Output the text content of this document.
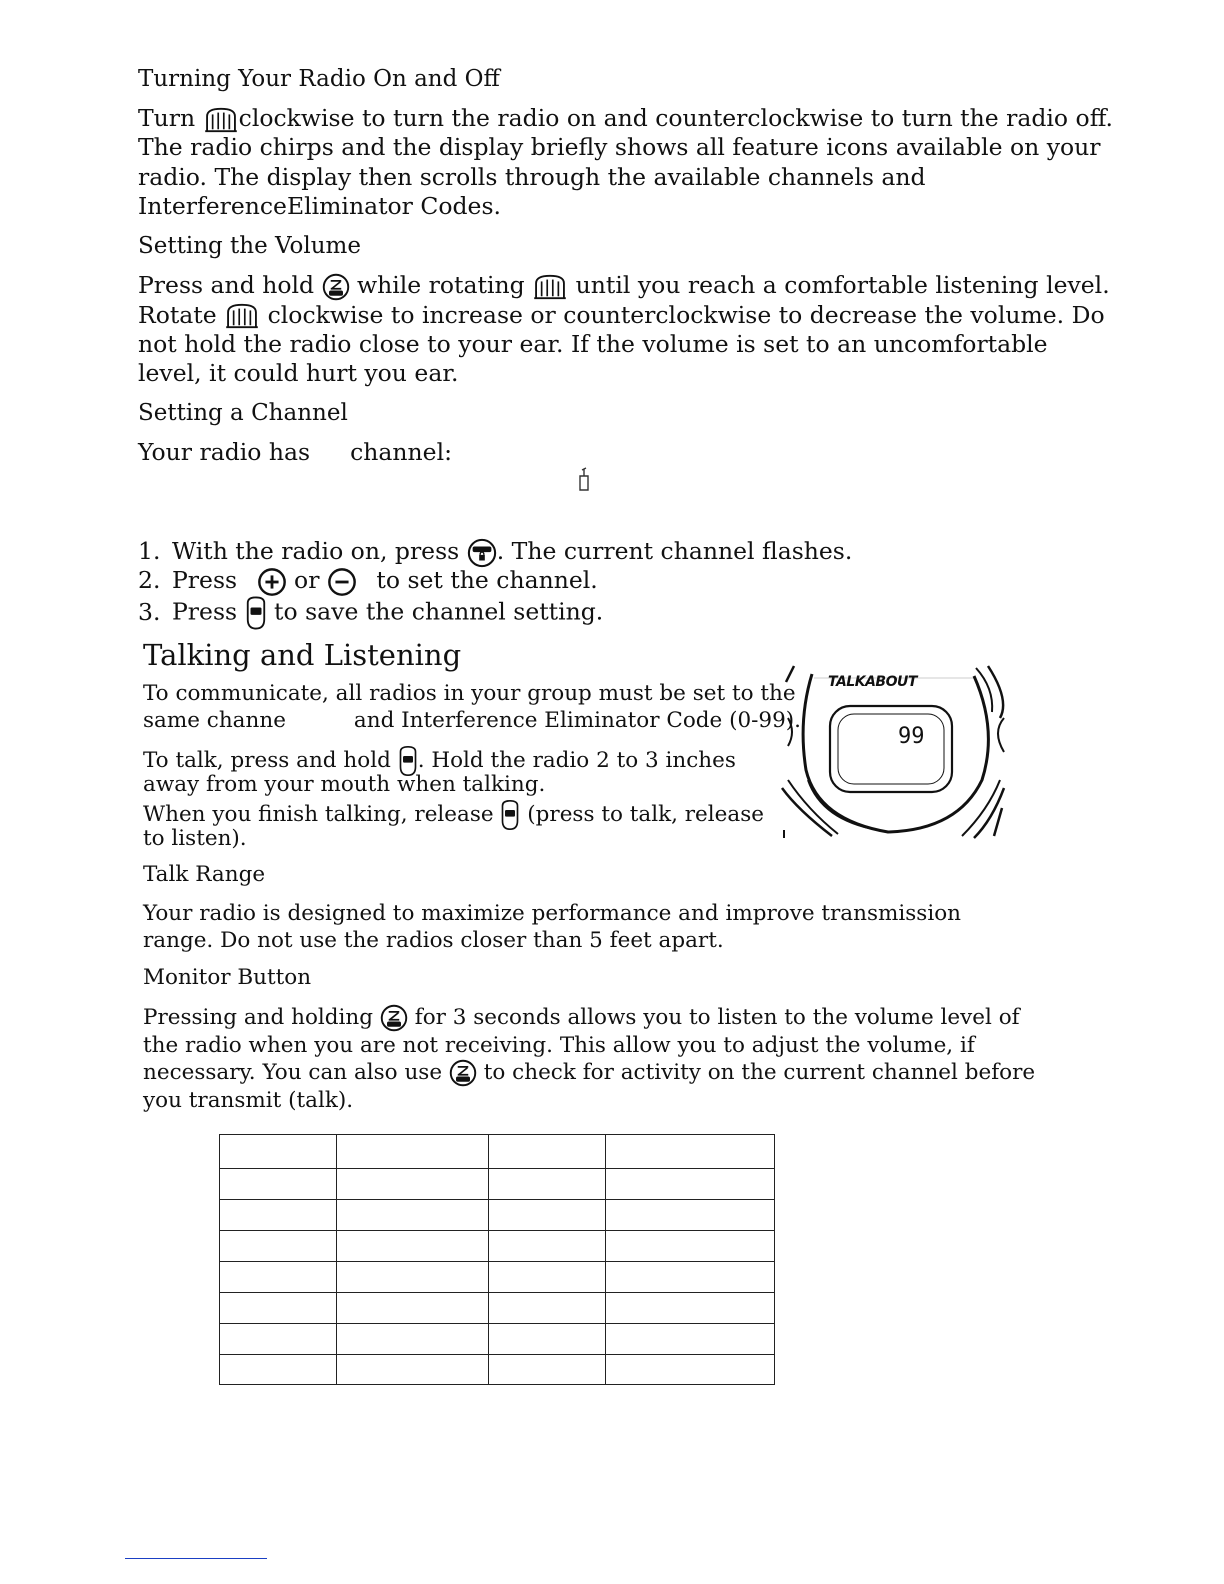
Turning Your Radio On and Off
Turn clockwise to turn the radio on and counterclockwise to turn the radio off. The radio chirps and the display briefly shows all feature icons available on your radio. The display then scrolls through the available channels and InterferenceEliminator Codes.
Setting the Volume
Press and hold while rotating until you reach a comfortable listening level. Rotate clockwise to increase or counterclockwise to decrease the volume. Do not hold the radio close to your ear. If the volume is set to an uncomfortable level, it could hurt you ear.
Setting a Channel
Your radio has channel:
1. With the radio on, press . The current channel flashes.
2. Press or to set the channel.
3. Press to save the channel setting.
Talking and Listening
To communicate, all radios in your group must be set to the
same channe	and Interference Eliminator Code (0-99).
To talk, press and hold . Hold the radio 2 to 3 inches
away from your mouth when talking.
When you finish talking, release (press to talk, release
to listen).
TALKABOUT
99
Talk Range
Your radio is designed to maximize performance and improve transmission range. Do not use the radios closer than 5 feet apart.
Monitor Button
Pressing and holding for 3 seconds allows you to listen to the volume level of the radio when you are not receiving. This allow you to adjust the volume, if necessary. You can also use to check for activity on the current channel before you transmit (talk).
